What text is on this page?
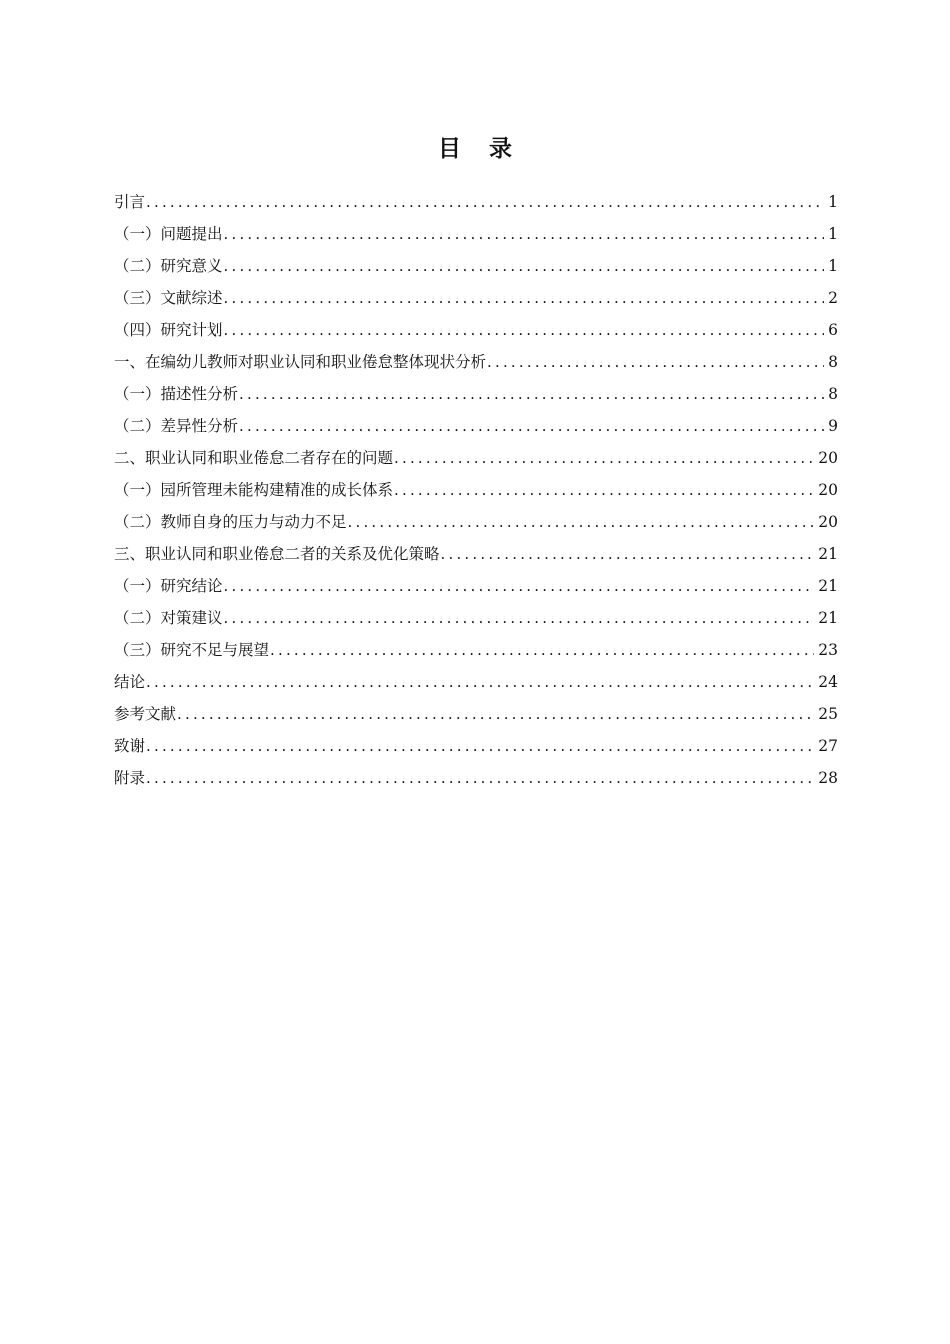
目 录
引言 .....	1
（一）问题提出 .....	1
（二）研究意义 .....	1
（三）文献综述 .....	2
（四）研究计划 .....	6
一、在编幼儿教师对职业认同和职业倦怠整体现状分析 .....	8
（一）描述性分析 .....	8
（二）差异性分析 .....	9
二、职业认同和职业倦怠二者存在的问题 .....	20
（一）园所管理未能构建精准的成长体系 .....	20
（二）教师自身的压力与动力不足 .....	20
三、职业认同和职业倦怠二者的关系及优化策略 .....	21
（一）研究结论 .....	21
（二）对策建议 .....	21
（三）研究不足与展望 .....	23
结论 .....	24
参考文献 .....	25
致谢 .....	27
附录 .....	28
